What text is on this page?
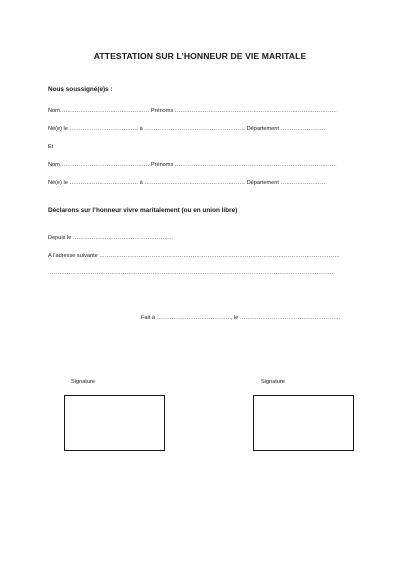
ATTESTATION SUR L’HONNEUR DE VIE MARITALE
Nous soussigné(e)s :
Nom………………………………………… Prénoms ……………………………………………………………………………
Né(e) le …………………………….… à ……………………………………………… Département ……………………
Et
Nom………………………………………… Prénoms ……………………………………………………………………………
Né(e) le …………………………….… à ……………………………………………… Département ……………………
Déclarons sur l’honneur vivre maritalement (ou en union libre)
Depuis le ………………………………………………
A l’adresse suivante …………………………………………………………………………………………………………………
………………………………………………………………………………………………………………………………………
Fait à …………………………………., le ………………………………………………
Signature	Signature
